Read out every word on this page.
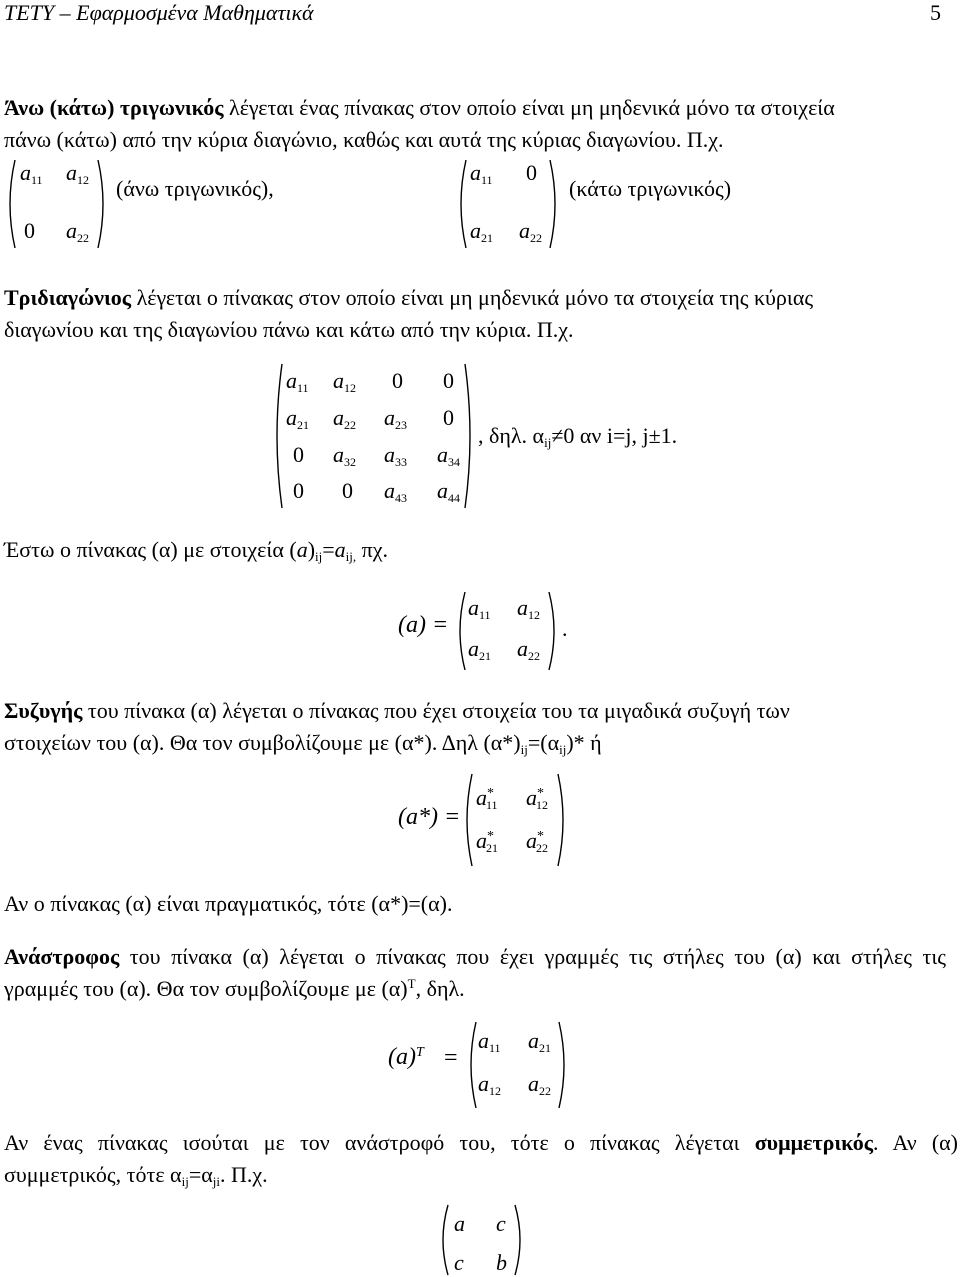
ΤΕΤΥ – Εφαρμοσμένα Μαθηματικά	5
Άνω (κάτω) τριγωνικός λέγεται ένας πίνακας στον οποίο είναι μη μηδενικά μόνο τα στοιχεία
πάνω (κάτω) από την κύρια διαγώνιο, καθώς και αυτά της κύριας διαγωνίου. Π.χ.
$a_{11}$ $a_{12}$
0 $a_{22}$
(άνω τριγωνικός),
$a_{11}$ 0
$a_{21}$ $a_{22}$
(κάτω τριγωνικός)
Τριδιαγώνιος λέγεται ο πίνακας στον οποίο είναι μη μηδενικά μόνο τα στοιχεία της κύριας
διαγωνίου και της διαγωνίου πάνω και κάτω από την κύρια. Π.χ.
$a_{11}$ $a_{12}$ 0 0
$a_{21}$ $a_{22}$ $a_{23}$ 0
0 $a_{32}$ $a_{33}$ $a_{34}$
0 0 $a_{43}$ $a_{44}$
, δηλ. $\alpha_{ij}\ne 0$ αν i=j, j±1.
Έστω ο πίνακας (α) με στοιχεία $(a)_{ij}=a_{ij,}$ πχ.
(a) =
$a_{11}$ $a_{12}$
$a_{21}$ $a_{22}$
.
Συζυγής του πίνακα (α) λέγεται ο πίνακας που έχει στοιχεία του τα μιγαδικά συζυγή των
στοιχείων του (α). Θα τον συμβολίζουμε με (α*). Δηλ $(\alpha*)_{ij}=(\alpha_{ij})*$ ή
(a*) =
$a^*_{11}$ $a^*_{12}$
$a^*_{21}$ $a^*_{22}$
Αν ο πίνακας (α) είναι πραγματικός, τότε (α*)=(α).
Ανάστροφος του πίνακα (α) λέγεται ο πίνακας που έχει γραμμές τις στήλες του (α) και στήλες τις
γραμμές του (α). Θα τον συμβολίζουμε με $(\alpha)^T$, δηλ.
$(a)^T$ =
$a_{11}$ $a_{21}$
$a_{12}$ $a_{22}$
Αν ένας πίνακας ισούται με τον ανάστροφό του, τότε ο πίνακας λέγεται συμμετρικός. Αν (α)
συμμετρικός, τότε $\alpha_{ij}=\alpha_{ji}$. Π.χ.
a c
c b
